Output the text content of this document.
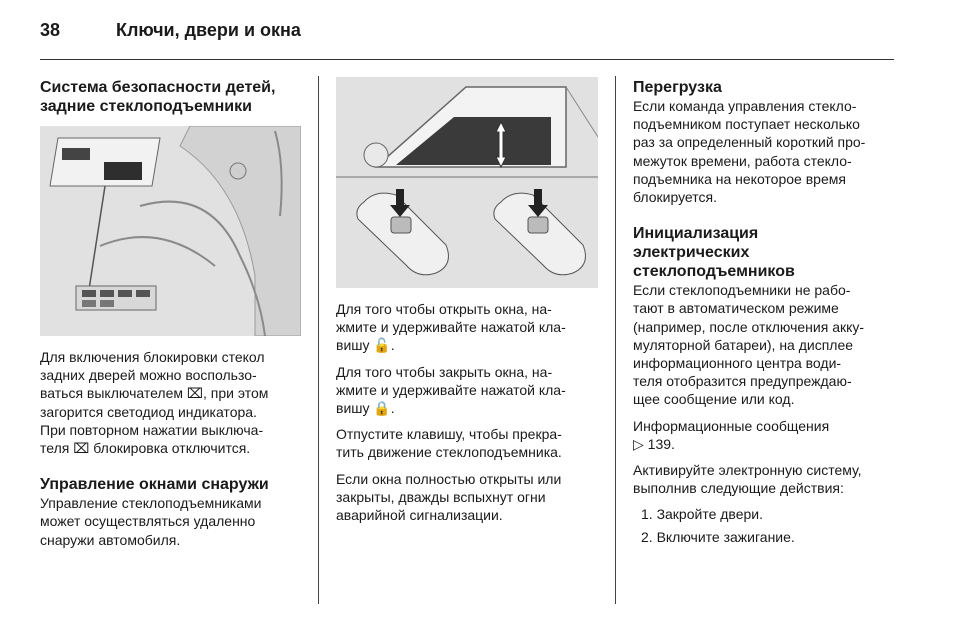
38	Ключи, двери и окна
Система безопасности детей,
задние стеклоподъемники

Для включения блокировки стекол
задних дверей можно воспользо-
ваться выключателем ⌧, при этом
загорится светодиод индикатора.
При повторном нажатии выключа-
теля ⌧ блокировка отключится.

Управление окнами снаружи

Управление стеклоподъемниками
может осуществляться удаленно
снаружи автомобиля.

Для того чтобы открыть окна, на-
жмите и удерживайте нажатой кла-
вишу 🔓.

Для того чтобы закрыть окна, на-
жмите и удерживайте нажатой кла-
вишу 🔒.

Отпустите клавишу, чтобы прекра-
тить движение стеклоподъемника.

Если окна полностью открыты или
закрыты, дважды вспыхнут огни
аварийной сигнализации.

Перегрузка

Если команда управления стекло-
подъемником поступает несколько
раз за определенный короткий про-
межуток времени, работа стекло-
подъемника на некоторое время
блокируется.

Инициализация
электрических
стеклоподъемников

Если стеклоподъемники не рабо-
тают в автоматическом режиме
(например, после отключения акку-
муляторной батареи), на дисплее
информационного центра води-
теля отобразится предупреждаю-
щее сообщение или код.

Информационные сообщения
▷ 139.

Активируйте электронную систему,
выполнив следующие действия:

1. Закройте двери.
2. Включите зажигание.
